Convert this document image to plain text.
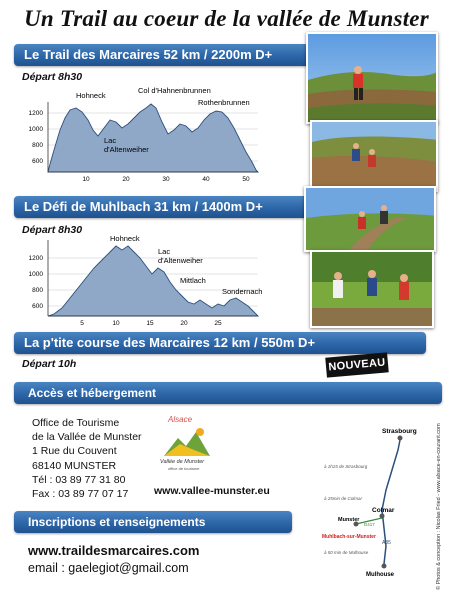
Un Trail au coeur de la vallée de Munster
Le Trail des Marcaires 52 km / 2200m D+
Départ 8h30
1200
1000
800
600
10	20	30	40	50
Hohneck
Col d'Hahnenbrunnen
Rothenbrunnen
Lac
d'Altenweiher
Le Défi de Muhlbach 31 km / 1400m D+
Départ 8h30
1200
1000
800
600
5	10	15	20	25
Hohneck
Lac
d'Altenweiher
Mittlach
Sondernach
La p'tite course des Marcaires 12 km / 550m D+
Départ 10h	NOUVEAU
Accès et hébergement
Office de Tourisme
de la Vallée de Munster
1 Rue du Couvent
68140 MUNSTER
Tél : 03 89 77 31 80
Fax : 03 89 77 07 17
Alsace
Vallée de Munster
office de tourisme
www.vallee-munster.eu
Inscriptions et renseignements
www.traildesmarcaires.com
email : gaelegiot@gmail.com
Strasbourg
Colmar
Munster
D417
Muhlbach-sur-Munster
A35
Mulhouse
à 1h15 de Strasbourg
à 25min de Colmar
à 50 min de Mulhouse	© Photos & conception : Nicolas Fried - www.alsace-en-courant.com
